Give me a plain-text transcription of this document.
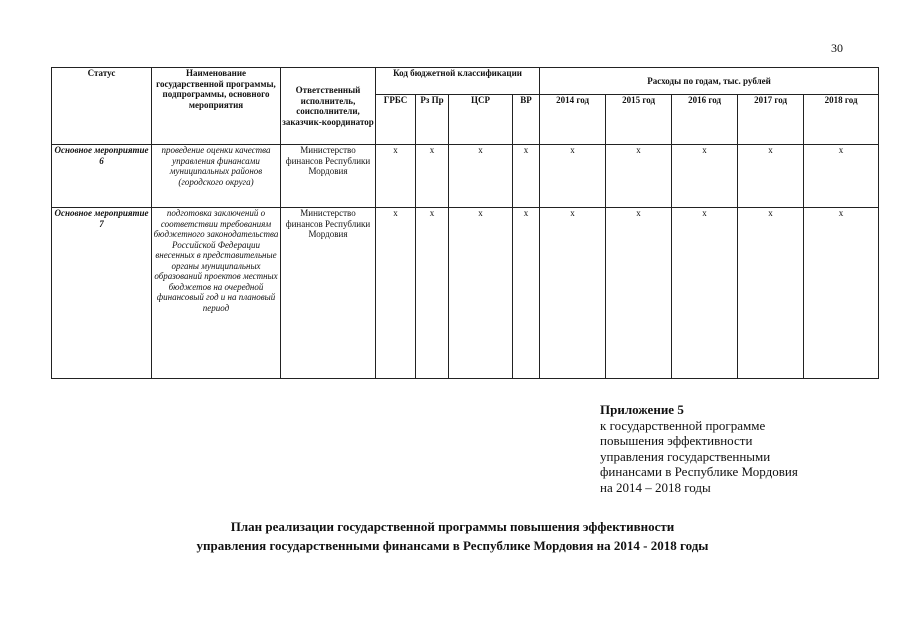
30
Статус	Наименование государственной программы, подпрограммы, основного мероприятия	Ответственный исполнитель, соисполнители, заказчик-координатор	Код бюджетной классификации				Расходы по годам, тыс. рублей				
			ГРБС	Рз Пр	ЦСР	ВР	2014 год	2015 год	2016 год	2017 год	2018 год
Основное мероприятие 6	проведение оценки качества управления финансами муниципальных районов (городского округа)	Министерство финансов Республики Мордовия	х	х	х	х	х	х	х	х	х
Основное мероприятие 7	подготовка заключений о соответствии требованиям бюджетного законодательства Российской Федерации внесенных в представительные органы муниципальных образований проектов местных бюджетов на очередной финансовый год и на плановый период	Министерство финансов Республики Мордовия	х	х	х	х	х	х	х	х	х
Приложение 5
к государственной программе
повышения эффективности
управления государственными
финансами в Республике Мордовия
на 2014 – 2018 годы
План реализации государственной программы повышения эффективности
управления государственными финансами в Республике Мордовия на 2014 - 2018 годы
